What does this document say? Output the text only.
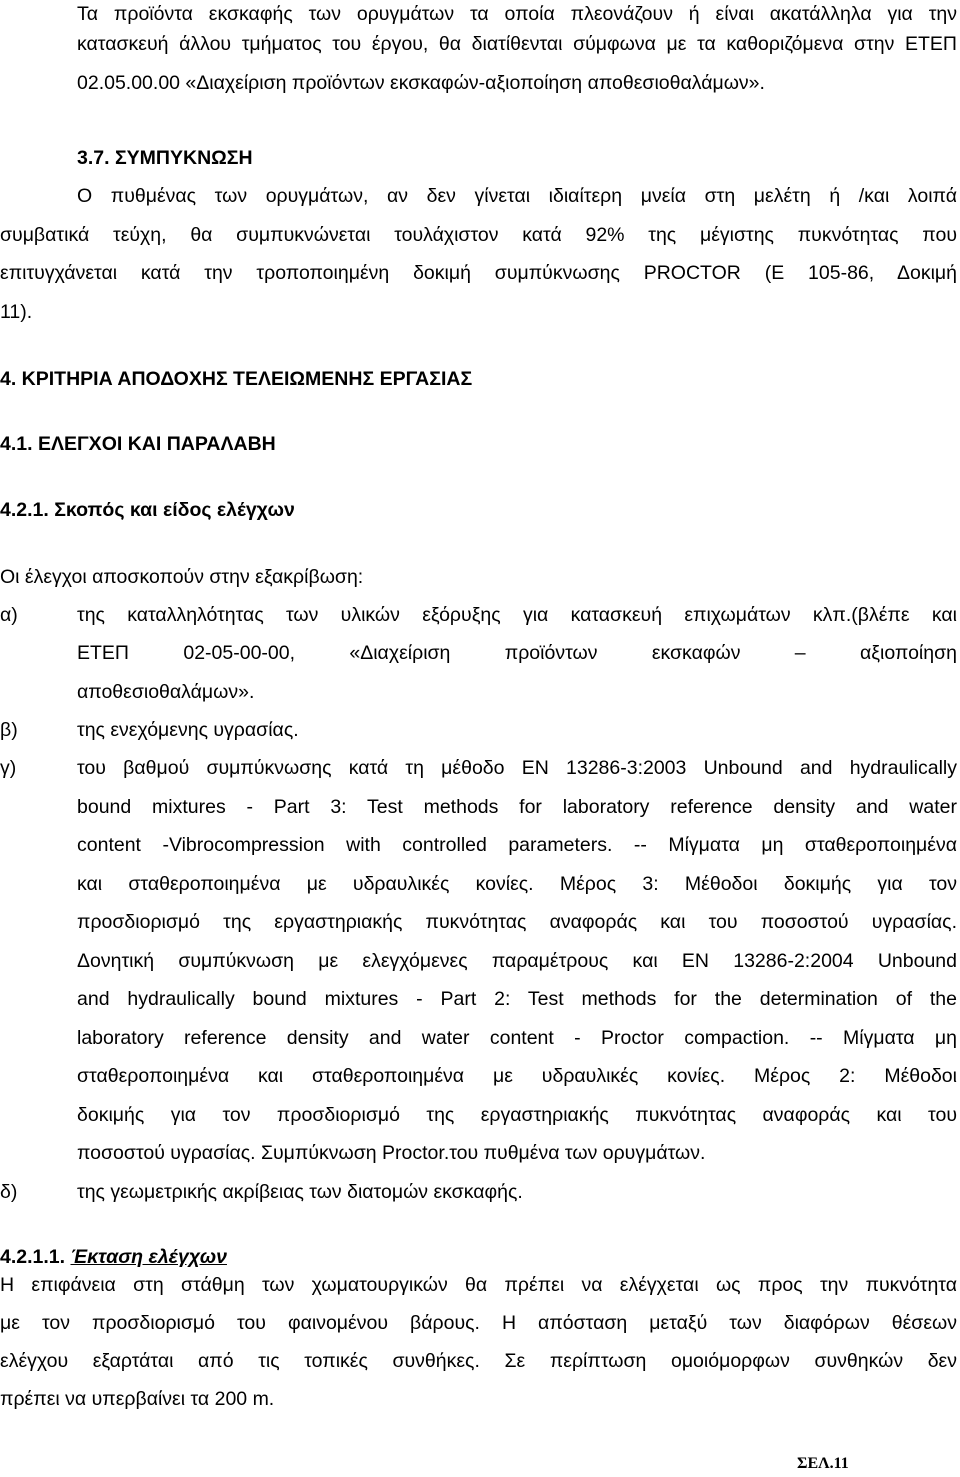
Τα προϊόντα εκσκαφής των ορυγμάτων τα οποία πλεονάζουν ή είναι ακατάλληλα για την
κατασκευή άλλου τμήματος του έργου, θα διατίθενται σύμφωνα με τα καθοριζόμενα στην ΕΤΕΠ
02.05.00.00 «Διαχείριση προϊόντων εκσκαφών-αξιοποίηση αποθεσιοθαλάμων».
3.7. ΣΥΜΠΥΚΝΩΣΗ
Ο πυθμένας των ορυγμάτων, αν δεν γίνεται ιδιαίτερη μνεία στη μελέτη ή /και λοιπά
συμβατικά τεύχη, θα συμπυκνώνεται τουλάχιστον κατά 92% της μέγιστης πυκνότητας που
επιτυγχάνεται κατά την τροποποιημένη δοκιμή συμπύκνωσης PROCTOR (Ε 105-86, Δοκιμή
11).
4. ΚΡΙΤΗΡΙΑ ΑΠΟΔΟΧΗΣ ΤΕΛΕΙΩΜΕΝΗΣ ΕΡΓΑΣΙΑΣ
4.1. ΕΛΕΓΧΟΙ ΚΑΙ ΠΑΡΑΛΑΒΗ
4.2.1. Σκοπός και είδος ελέγχων
Οι έλεγχοι αποσκοπούν στην εξακρίβωση:
α)	της καταλληλότητας των υλικών εξόρυξης για κατασκευή επιχωμάτων κλπ.(βλέπε και
ΕΤΕΠ 02-05-00-00, «Διαχείριση προϊόντων εκσκαφών – αξιοποίηση
αποθεσιοθαλάμων».
β)	της ενεχόμενης υγρασίας.
γ)	του βαθμού συμπύκνωσης κατά τη μέθοδο ΕΝ 13286-3:2003 Unbound and hydraulically
bound mixtures - Part 3: Test methods for laboratory reference density and water
content -Vibrocompression with controlled parameters. -- Μίγματα μη σταθεροποιημένα
και σταθεροποιημένα με υδραυλικές κονίες. Μέρος 3: Μέθοδοι δοκιμής για τον
προσδιορισμό της εργαστηριακής πυκνότητας αναφοράς και του ποσοστού υγρασίας.
Δονητική συμπύκνωση με ελεγχόμενες παραμέτρους και ΕΝ 13286-2:2004 Unbound
and hydraulically bound mixtures - Part 2: Test methods for the determination of the
laboratory reference density and water content - Proctor compaction. -- Μίγματα μη
σταθεροποιημένα και σταθεροποιημένα με υδραυλικές κονίες. Μέρος 2: Μέθοδοι
δοκιμής για τον προσδιορισμό της εργαστηριακής πυκνότητας αναφοράς και του
ποσοστού υγρασίας. Συμπύκνωση Proctor.του πυθμένα των ορυγμάτων.
δ)	της γεωμετρικής ακρίβειας των διατομών εκσκαφής.
4.2.1.1. Έκταση ελέγχων
Η επιφάνεια στη στάθμη των χωματουργικών θα πρέπει να ελέγχεται ως προς την πυκνότητα
με τον προσδιορισμό του φαινομένου βάρους. Η απόσταση μεταξύ των διαφόρων θέσεων
ελέγχου εξαρτάται από τις τοπικές συνθήκες. Σε περίπτωση ομοιόμορφων συνθηκών δεν
πρέπει να υπερβαίνει τα 200 m.
ΣΕΛ.11
